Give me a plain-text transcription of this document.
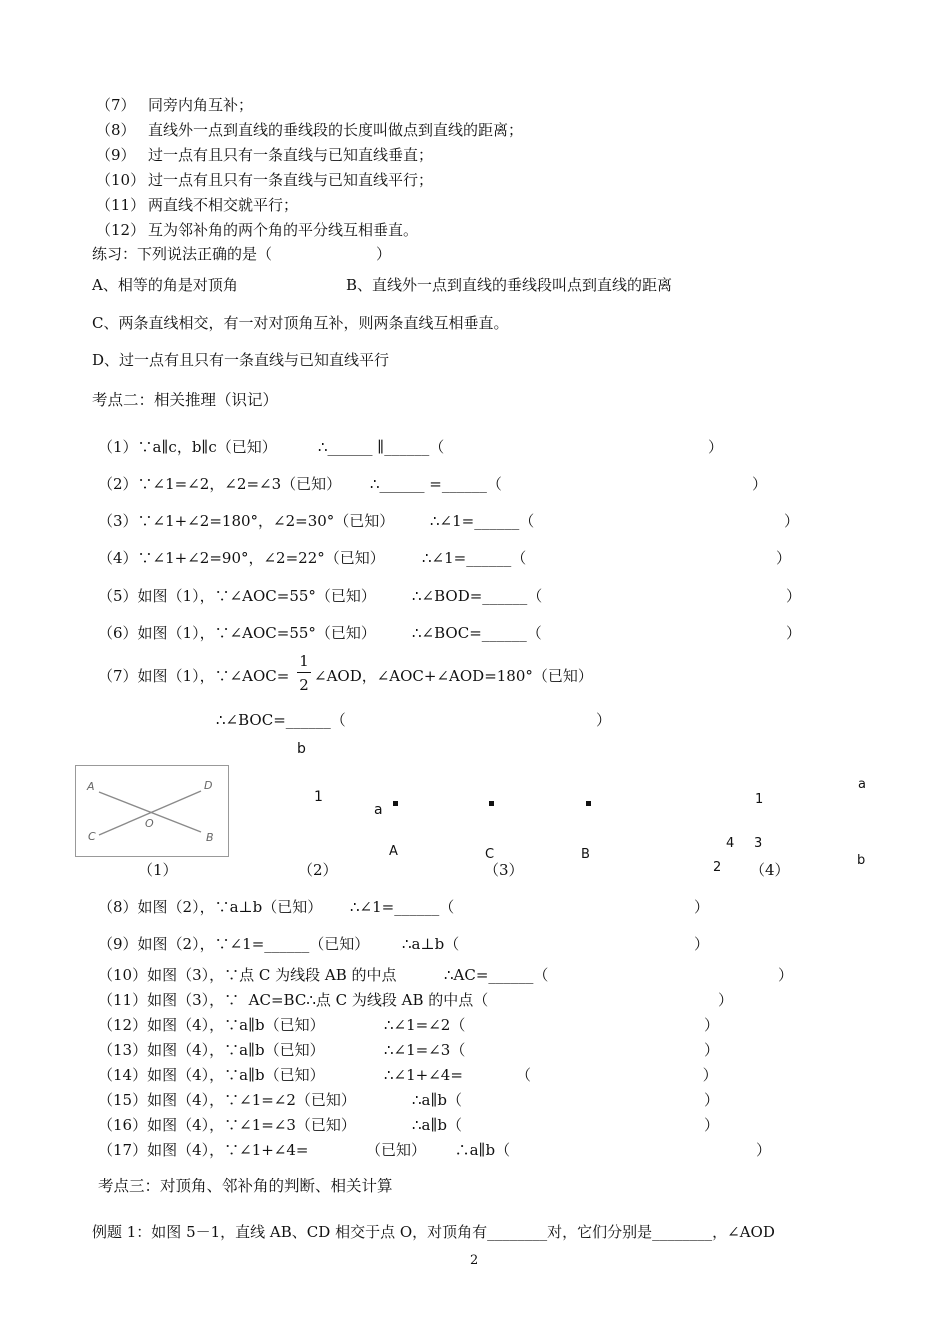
（7） 同旁内角互补；
（8） 直线外一点到直线的垂线段的长度叫做点到直线的距离；
（9） 过一点有且只有一条直线与已知直线垂直；
（10） 过一点有且只有一条直线与已知直线平行；
（11） 两直线不相交就平行；
（12） 互为邻补角的两个角的平分线互相垂直。
练习：下列说法正确的是（	）
A、相等的角是对顶角	B、直线外一点到直线的垂线段叫点到直线的距离
C、两条直线相交，有一对对顶角互补，则两条直线互相垂直。
D、过一点有且只有一条直线与已知直线平行
考点二：相关推理（识记）
（1）∵a∥c，b∥c（已知）	∴______ ∥______（	）
（2）∵∠1=∠2，∠2=∠3（已知） ∴______ =______（	）
（3）∵∠1+∠2=180°，∠2=30°（已知） ∴∠1=______（	）
（4）∵∠1+∠2=90°，∠2=22°（已知） ∴∠1=______（	）
（5）如图（1），∵∠AOC=55°（已知） ∴∠BOD=______（	）
（6）如图（1），∵∠AOC=55°（已知） ∴∠BOC=______（	）
（7）如图（1），∵∠AOC=
1
2 ∠AOD，∠AOC+∠AOD=180°（已知）
∴∠BOC=______（	）
A	D
O
C	B
（1）
b
1
（2）
a
A	C	B
（3）
a
1
4 3
2 （4）
b
（8）如图（2），∵a⊥b（已知） ∴∠1=______（	）
（9）如图（2），∵∠1=______（已知） ∴a⊥b（	）
（10）如图（3），∵点 C 为线段 AB 的中点	∴AC=______（	）
（11）如图（3），∵  AC=BC∴点 C 为线段 AB 的中点（	）
（12）如图（4），∵a∥b（已知）	∴∠1=∠2（	）
（13）如图（4），∵a∥b（已知）	∴∠1=∠3（	）
（14）如图（4），∵a∥b（已知）	∴∠1+∠4=	（                                    ）
（15）如图（4），∵∠1=∠2（已知）	∴a∥b（	）
（16）如图（4），∵∠1=∠3（已知）	∴a∥b（	）
（17）如图（4），∵∠1+∠4=	（已知）      ∴a∥b（	）
考点三：对顶角、邻补角的判断、相关计算
例题 1：如图 5－1，直线 AB、CD 相交于点 O，对顶角有________对，它们分别是________，∠AOD
2
